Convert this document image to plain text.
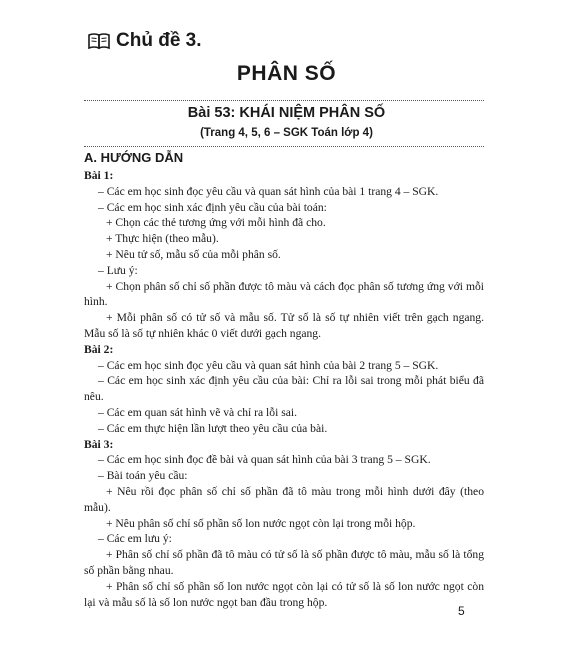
Chủ đề 3.
PHÂN SỐ
Bài 53: KHÁI NIỆM PHÂN SỐ
(Trang 4, 5, 6 – SGK Toán lớp 4)
A. HƯỚNG DẪN

Bài 1:

– Các em học sinh đọc yêu cầu và quan sát hình của bài 1 trang 4 – SGK.

– Các em học sinh xác định yêu cầu của bài toán:

+ Chọn các thẻ tương ứng với mỗi hình đã cho.

+ Thực hiện (theo mẫu).

+ Nêu tử số, mẫu số của mỗi phân số.

– Lưu ý:

+ Chọn phân số chỉ số phần được tô màu và cách đọc phân số tương ứng với mỗi hình.

+ Mỗi phân số có tử số và mẫu số. Tử số là số tự nhiên viết trên gạch ngang. Mẫu số là số tự nhiên khác 0 viết dưới gạch ngang.

Bài 2:

– Các em học sinh đọc yêu cầu và quan sát hình của bài 2 trang 5 – SGK.

– Các em học sinh xác định yêu cầu của bài: Chỉ ra lỗi sai trong mỗi phát biểu đã nêu.

– Các em quan sát hình vẽ và chỉ ra lỗi sai.

– Các em thực hiện lần lượt theo yêu cầu của bài.

Bài 3:

– Các em học sinh đọc đề bài và quan sát hình của bài 3 trang 5 – SGK.

– Bài toán yêu cầu:

+ Nêu rồi đọc phân số chỉ số phần đã tô màu trong mỗi hình dưới đây (theo mẫu).

+ Nêu phân số chỉ số phần số lon nước ngọt còn lại trong mỗi hộp.

– Các em lưu ý:

+ Phân số chỉ số phần đã tô màu có tử số là số phần được tô màu, mẫu số là tổng số phần bằng nhau.

+ Phân số chỉ số phần số lon nước ngọt còn lại có tử số là số lon nước ngọt còn lại và mẫu số là số lon nước ngọt ban đầu trong hộp.

5
